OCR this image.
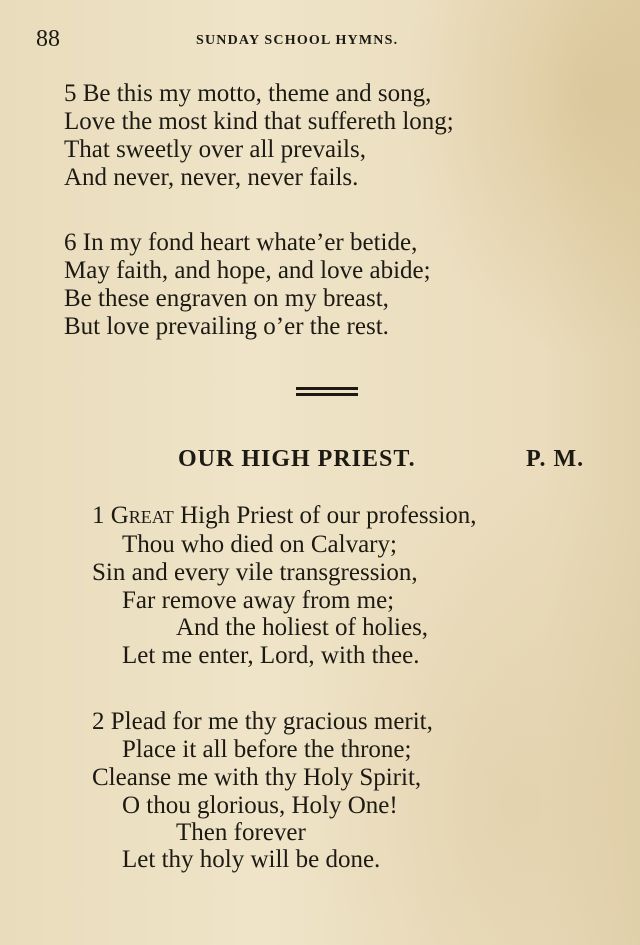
88	SUNDAY SCHOOL HYMNS.
5 Be this my motto, theme and song,
Love the most kind that suffereth long;
That sweetly over all prevails,
And never, never, never fails.
6 In my fond heart whate’er betide,
May faith, and hope, and love abide;
Be these engraven on my breast,
But love prevailing o’er the rest.
OUR HIGH PRIEST.	P. M.
1 Great High Priest of our profession,
Thou who died on Calvary;
Sin and every vile transgression,
Far remove away from me;
And the holiest of holies,
Let me enter, Lord, with thee.
2 Plead for me thy gracious merit,
Place it all before the throne;
Cleanse me with thy Holy Spirit,
O thou glorious, Holy One!
Then forever
Let thy holy will be done.
